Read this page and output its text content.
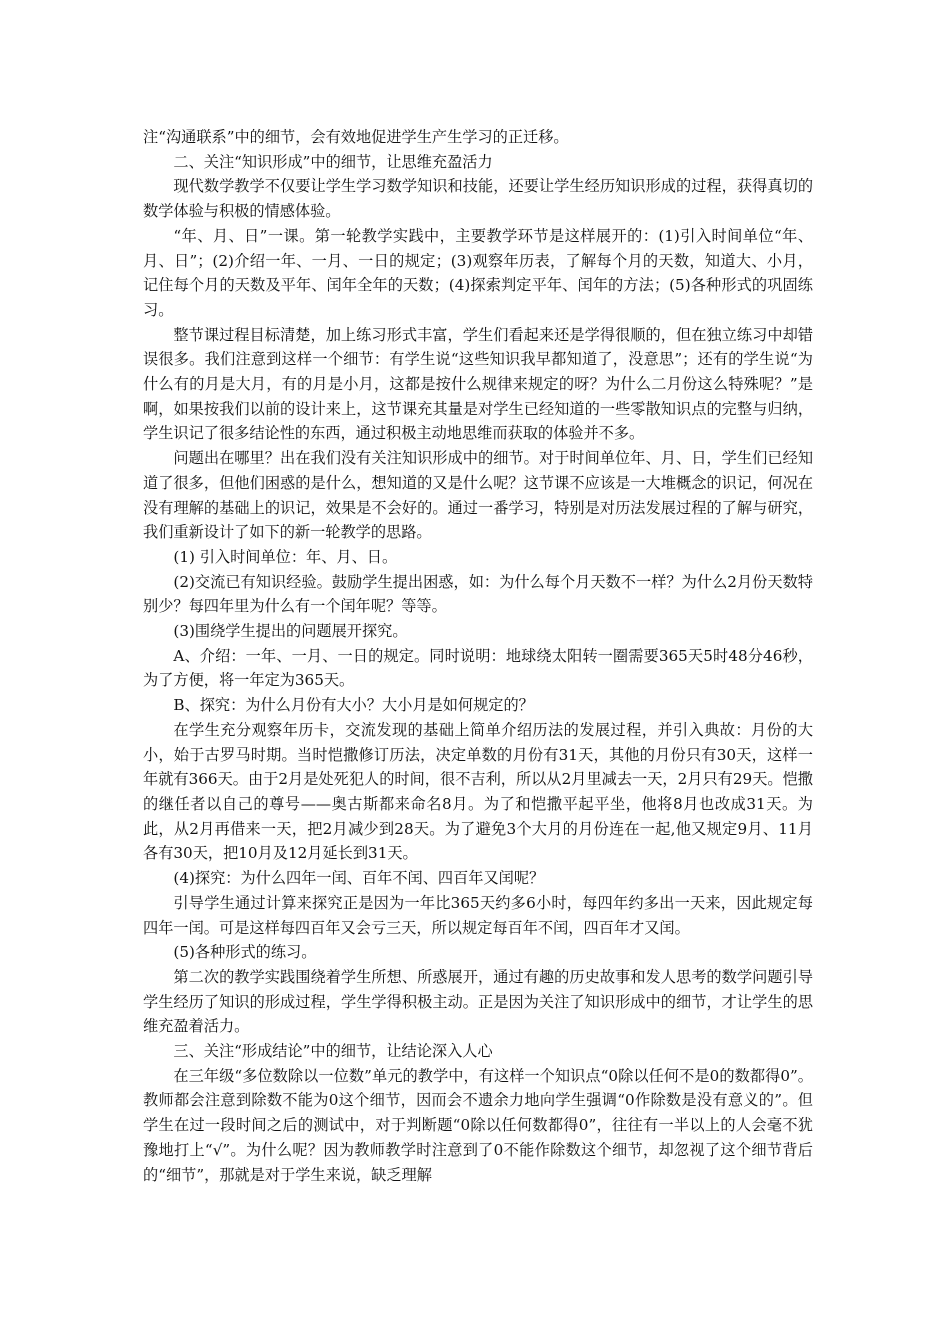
注“沟通联系”中的细节，会有效地促进学生产生学习的正迁移。

二、关注“知识形成”中的细节，让思维充盈活力

现代数学教学不仅要让学生学习数学知识和技能，还要让学生经历知识形成的过程，获得真切的数学体验与积极的情感体验。

“年、月、日”一课。第一轮教学实践中，主要教学环节是这样展开的：(1)引入时间单位“年、月、日”；(2)介绍一年、一月、一日的规定；(3)观察年历表，了解每个月的天数，知道大、小月，记住每个月的天数及平年、闰年全年的天数；(4)探索判定平年、闰年的方法；(5)各种形式的巩固练习。

整节课过程目标清楚，加上练习形式丰富，学生们看起来还是学得很顺的，但在独立练习中却错误很多。我们注意到这样一个细节：有学生说“这些知识我早都知道了，没意思”；还有的学生说“为什么有的月是大月，有的月是小月，这都是按什么规律来规定的呀？为什么二月份这么特殊呢？”是啊，如果按我们以前的设计来上，这节课充其量是对学生已经知道的一些零散知识点的完整与归纳，学生识记了很多结论性的东西，通过积极主动地思维而获取的体验并不多。

问题出在哪里？出在我们没有关注知识形成中的细节。对于时间单位年、月、日，学生们已经知道了很多，但他们困惑的是什么，想知道的又是什么呢？这节课不应该是一大堆概念的识记，何况在没有理解的基础上的识记，效果是不会好的。通过一番学习，特别是对历法发展过程的了解与研究，我们重新设计了如下的新一轮教学的思路。

(1) 引入时间单位：年、月、日。

(2)交流已有知识经验。鼓励学生提出困惑，如：为什么每个月天数不一样？为什么2月份天数特别少？每四年里为什么有一个闰年呢？等等。

(3)围绕学生提出的问题展开探究。

A、介绍：一年、一月、一日的规定。同时说明：地球绕太阳转一圈需要365天5时48分46秒，为了方便，将一年定为365天。

B、探究：为什么月份有大小？大小月是如何规定的？

在学生充分观察年历卡，交流发现的基础上简单介绍历法的发展过程，并引入典故：月份的大小，始于古罗马时期。当时恺撒修订历法，决定单数的月份有31天，其他的月份只有30天，这样一年就有366天。由于2月是处死犯人的时间，很不吉利，所以从2月里减去一天，2月只有29天。恺撒的继任者以自己的尊号——奥古斯都来命名8月。为了和恺撒平起平坐，他将8月也改成31天。为此，从2月再借来一天，把2月减少到28天。为了避免3个大月的月份连在一起,他又规定9月、11月各有30天，把10月及12月延长到31天。

(4)探究：为什么四年一闰、百年不闰、四百年又闰呢？

引导学生通过计算来探究正是因为一年比365天约多6小时，每四年约多出一天来，因此规定每四年一闰。可是这样每四百年又会亏三天，所以规定每百年不闰，四百年才又闰。

(5)各种形式的练习。

第二次的教学实践围绕着学生所想、所惑展开，通过有趣的历史故事和发人思考的数学问题引导学生经历了知识的形成过程，学生学得积极主动。正是因为关注了知识形成中的细节，才让学生的思维充盈着活力。

三、关注“形成结论”中的细节，让结论深入人心

在三年级“多位数除以一位数”单元的教学中，有这样一个知识点“0除以任何不是0的数都得0”。教师都会注意到除数不能为0这个细节，因而会不遗余力地向学生强调“0作除数是没有意义的”。但学生在过一段时间之后的测试中，对于判断题“0除以任何数都得0”，往往有一半以上的人会毫不犹豫地打上“√”。为什么呢？因为教师教学时注意到了0不能作除数这个细节，却忽视了这个细节背后的“细节”，那就是对于学生来说，缺乏理解
